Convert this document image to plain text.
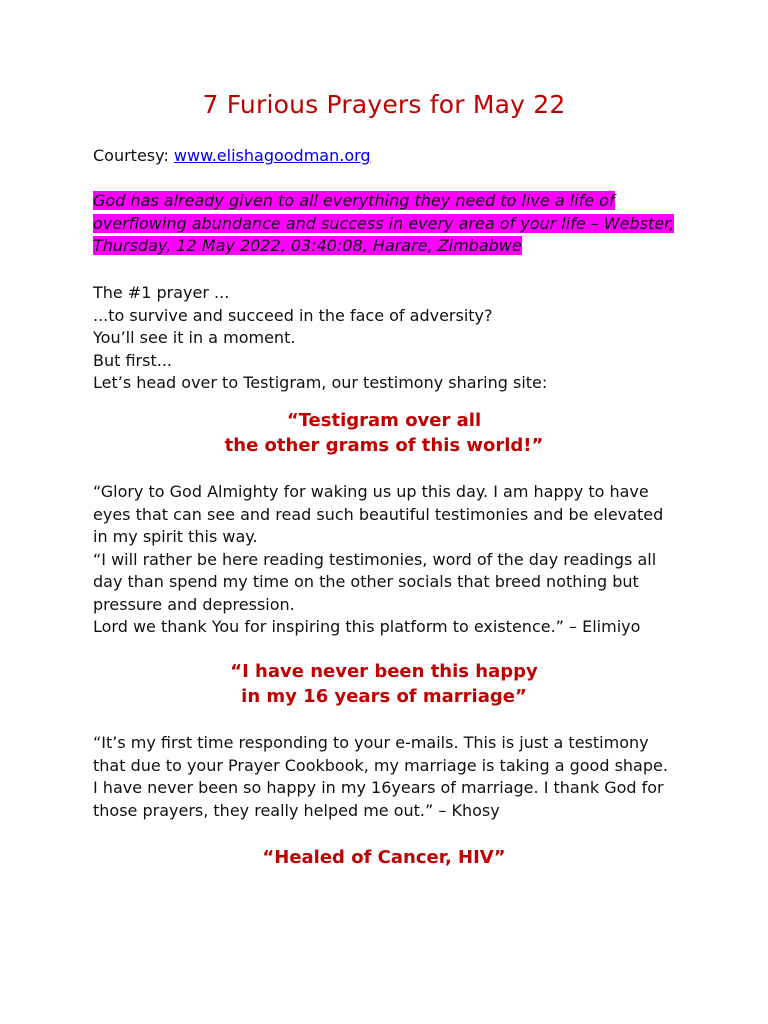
7 Furious Prayers for May 22
Courtesy: www.elishagoodman.org
God has already given to all everything they need to live a life of
overflowing abundance and success in every area of your life – Webster,
Thursday, 12 May 2022, 03:40:08, Harare, Zimbabwe
The #1 prayer ...
...to survive and succeed in the face of adversity?
You’ll see it in a moment.
But first...
Let’s head over to Testigram, our testimony sharing site:
“Testigram over all
the other grams of this world!”
“Glory to God Almighty for waking us up this day. I am happy to have
eyes that can see and read such beautiful testimonies and be elevated
in my spirit this way.
“I will rather be here reading testimonies, word of the day readings all
day than spend my time on the other socials that breed nothing but
pressure and depression.
Lord we thank You for inspiring this platform to existence.” – Elimiyo
“I have never been this happy
in my 16 years of marriage”
“It’s my first time responding to your e-mails. This is just a testimony
that due to your Prayer Cookbook, my marriage is taking a good shape.
I have never been so happy in my 16years of marriage. I thank God for
those prayers, they really helped me out.” – Khosy
“Healed of Cancer, HIV”
